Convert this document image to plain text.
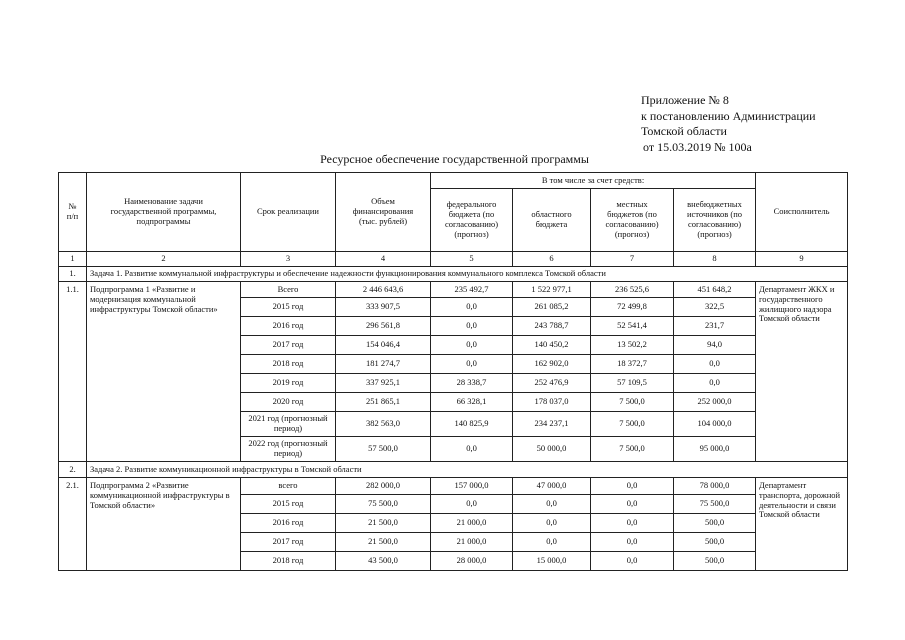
Приложение № 8
к постановлению Администрации
Томской области
от 15.03.2019 № 100а
Ресурсное обеспечение государственной программы
№
п/п	Наименование задачи государственной программы, подпрограммы	Срок реализации	Объем финансирования (тыс. рублей)	В том числе за счет средств:				Соисполнитель
				федерального бюджета (по согласованию) (прогноз)	областного бюджета	местных бюджетов (по согласованию) (прогноз)	внебюджетных источников (по согласованию) (прогноз)	
1	2	3	4	5	6	7	8	9
1.	Задача 1. Развитие коммунальной инфраструктуры и обеспечение надежности функционирования коммунального комплекса Томской области							
1.1.	Подпрограмма 1 «Развитие и модернизация коммунальной инфраструктуры Томской области»	Всего	2 446 643,6	235 492,7	1 522 977,1	236 525,6	451 648,2	Департамент ЖКХ и государственного жилищного надзора Томской области
		2015 год	333 907,5	0,0	261 085,2	72 499,8	322,5	
		2016 год	296 561,8	0,0	243 788,7	52 541,4	231,7	
		2017 год	154 046,4	0,0	140 450,2	13 502,2	94,0	
		2018 год	181 274,7	0,0	162 902,0	18 372,7	0,0	
		2019 год	337 925,1	28 338,7	252 476,9	57 109,5	0,0	
		2020 год	251 865,1	66 328,1	178 037,0	7 500,0	252 000,0	
		2021 год (прогнозный период)	382 563,0	140 825,9	234 237,1	7 500,0	104 000,0	
		2022 год (прогнозный период)	57 500,0	0,0	50 000,0	7 500,0	95 000,0	
2.	Задача 2. Развитие коммуникационной инфраструктуры в Томской области							
2.1.	Подпрограмма 2 «Развитие коммуникационной инфраструктуры в Томской области»	всего	282 000,0	157 000,0	47 000,0	0,0	78 000,0	Департамент транспорта, дорожной деятельности и связи Томской области
		2015 год	75 500,0	0,0	0,0	0,0	75 500,0	
		2016 год	21 500,0	21 000,0	0,0	0,0	500,0	
		2017 год	21 500,0	21 000,0	0,0	0,0	500,0	
		2018 год	43 500,0	28 000,0	15 000,0	0,0	500,0	
